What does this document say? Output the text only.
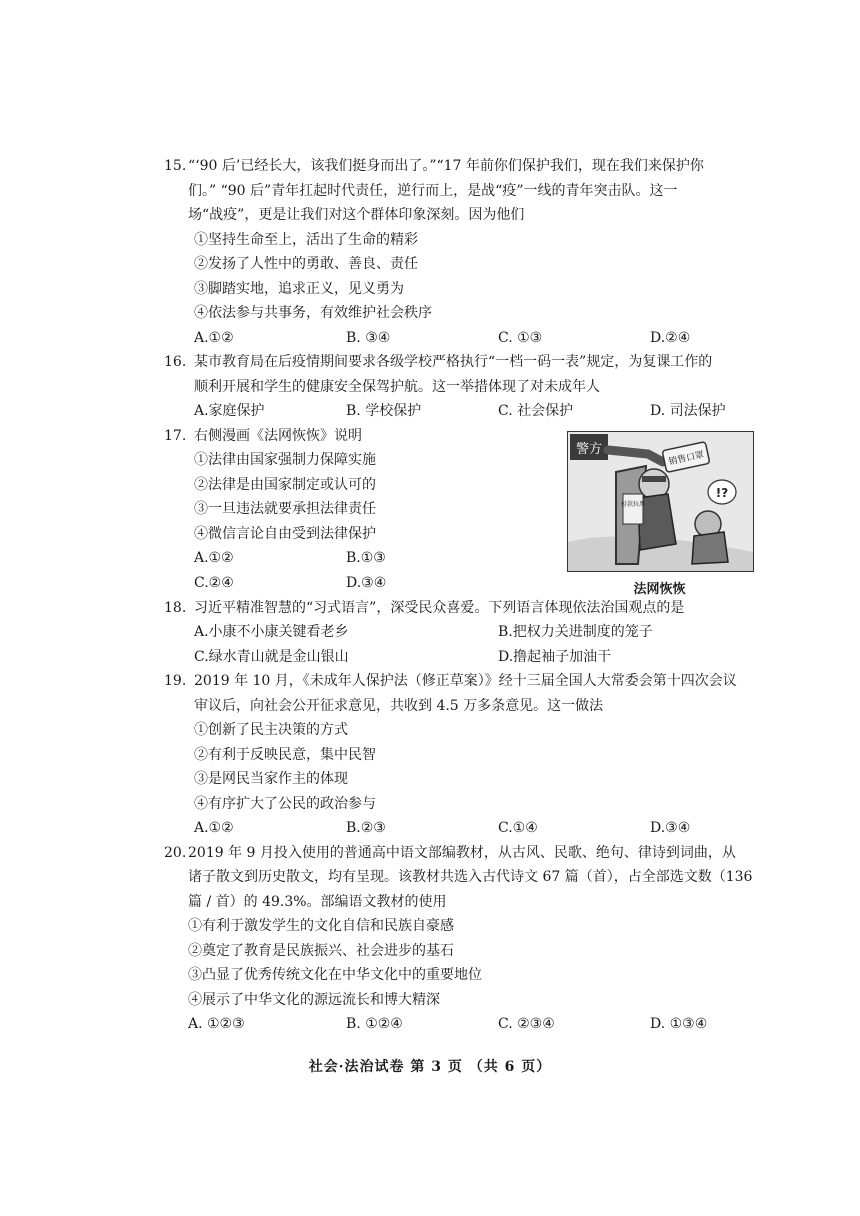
15. “‘90 后’已经长大，该我们挺身而出了。”“17 年前你们保护我们，现在我们来保护你
们。” “90 后”青年扛起时代责任，逆行而上，是战“疫”一线的青年突击队。这一
场“战疫”，更是让我们对这个群体印象深刻。因为他们
①坚持生命至上，活出了生命的精彩
②发扬了人性中的勇敢、善良、责任
③脚踏实地，追求正义，见义勇为
④依法参与共事务，有效维护社会秩序
A.①②	B. ③④	C. ①③	D.②④
16. 某市教育局在后疫情期间要求各级学校严格执行“一档一码一表”规定，为复课工作的
顺利开展和学生的健康安全保驾护航。这一举措体现了对未成年人
A.家庭保护	B. 学校保护	C. 社会保护	D. 司法保护
17. 右侧漫画《法网恢恢》说明
①法律由国家强制力保障实施
②法律是由国家制定或认可的
③一旦违法就要承担法律责任
④微信言论自由受到法律保护
A.①②	B.①③
C.②④	D.③④
警方
销售口罩
付款拉黑
!?
法网恢恢
18. 习近平精准智慧的“习式语言”，深受民众喜爱。下列语言体现依法治国观点的是
A.小康不小康关键看老乡	B.把权力关进制度的笼子
C.绿水青山就是金山银山	D.撸起袖子加油干
19. 2019 年 10 月，《未成年人保护法（修正草案）》经十三届全国人大常委会第十四次会议
审议后，向社会公开征求意见，共收到 4.5 万多条意见。这一做法
①创新了民主决策的方式
②有利于反映民意，集中民智
③是网民当家作主的体现
④有序扩大了公民的政治参与
A.①②	B.②③	C.①④	D.③④
20. 2019 年 9 月投入使用的普通高中语文部编教材，从古风、民歌、绝句、律诗到词曲，从
诸子散文到历史散文，均有呈现。该教材共选入古代诗文 67 篇（首），占全部选文数（136
篇 / 首）的 49.3%。部编语文教材的使用
①有利于激发学生的文化自信和民族自豪感
②奠定了教育是民族振兴、社会进步的基石
③凸显了优秀传统文化在中华文化中的重要地位
④展示了中华文化的源远流长和博大精深
A. ①②③	B. ①②④	C. ②③④	D. ①③④
社会·法治试卷 第 3 页 （共 6 页）
